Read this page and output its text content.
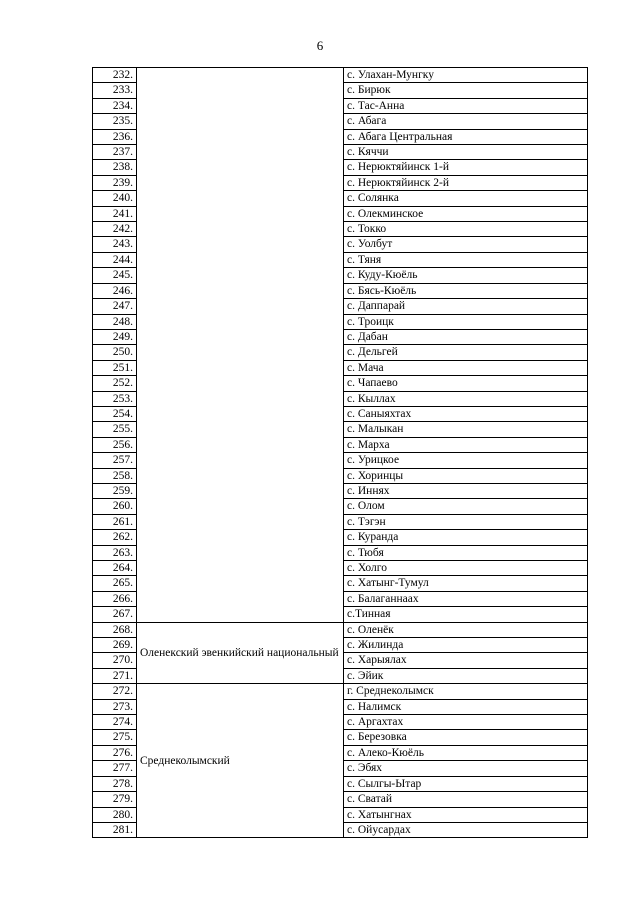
6
232.		с. Улахан-Мунгку
233.		с. Бирюк
234.		с. Тас-Анна
235.		с. Абага
236.		с. Абага Центральная
237.		с. Кяччи
238.		с. Нерюктяйинск 1-й
239.		с. Нерюктяйинск 2-й
240.		с. Солянка
241.		с. Олекминское
242.		с. Токко
243.		с. Уолбут
244.		с. Тяня
245.		с. Куду-Кюёль
246.		с. Бясь-Кюёль
247.		с. Даппарай
248.		с. Троицк
249.		с. Дабан
250.		с. Дельгей
251.		с. Мача
252.		с. Чапаево
253.		с. Кыллах
254.		с. Саныяхтах
255.		с. Малыкан
256.		с. Марха
257.		с. Урицкое
258.		с. Хоринцы
259.		с. Иннях
260.		с. Олом
261.		с. Тэгэн
262.		с. Куранда
263.		с. Тюбя
264.		с. Холго
265.		с. Хатынг-Тумул
266.		с. Балаганнаах
267.		с.Тинная
268.	Оленекский эвенкийский национальный	с. Оленёк
269.		с. Жилинда
270.		с. Харыялах
271.		с. Эйик
272.	Среднеколымский	г. Среднеколымск
273.		с. Налимск
274.		с. Аргахтах
275.		с. Березовка
276.		с. Алеко-Кюёль
277.		с. Эбях
278.		с. Сылгы-Ытар
279.		с. Сватай
280.		с. Хатынгнах
281.		с. Ойусардах
